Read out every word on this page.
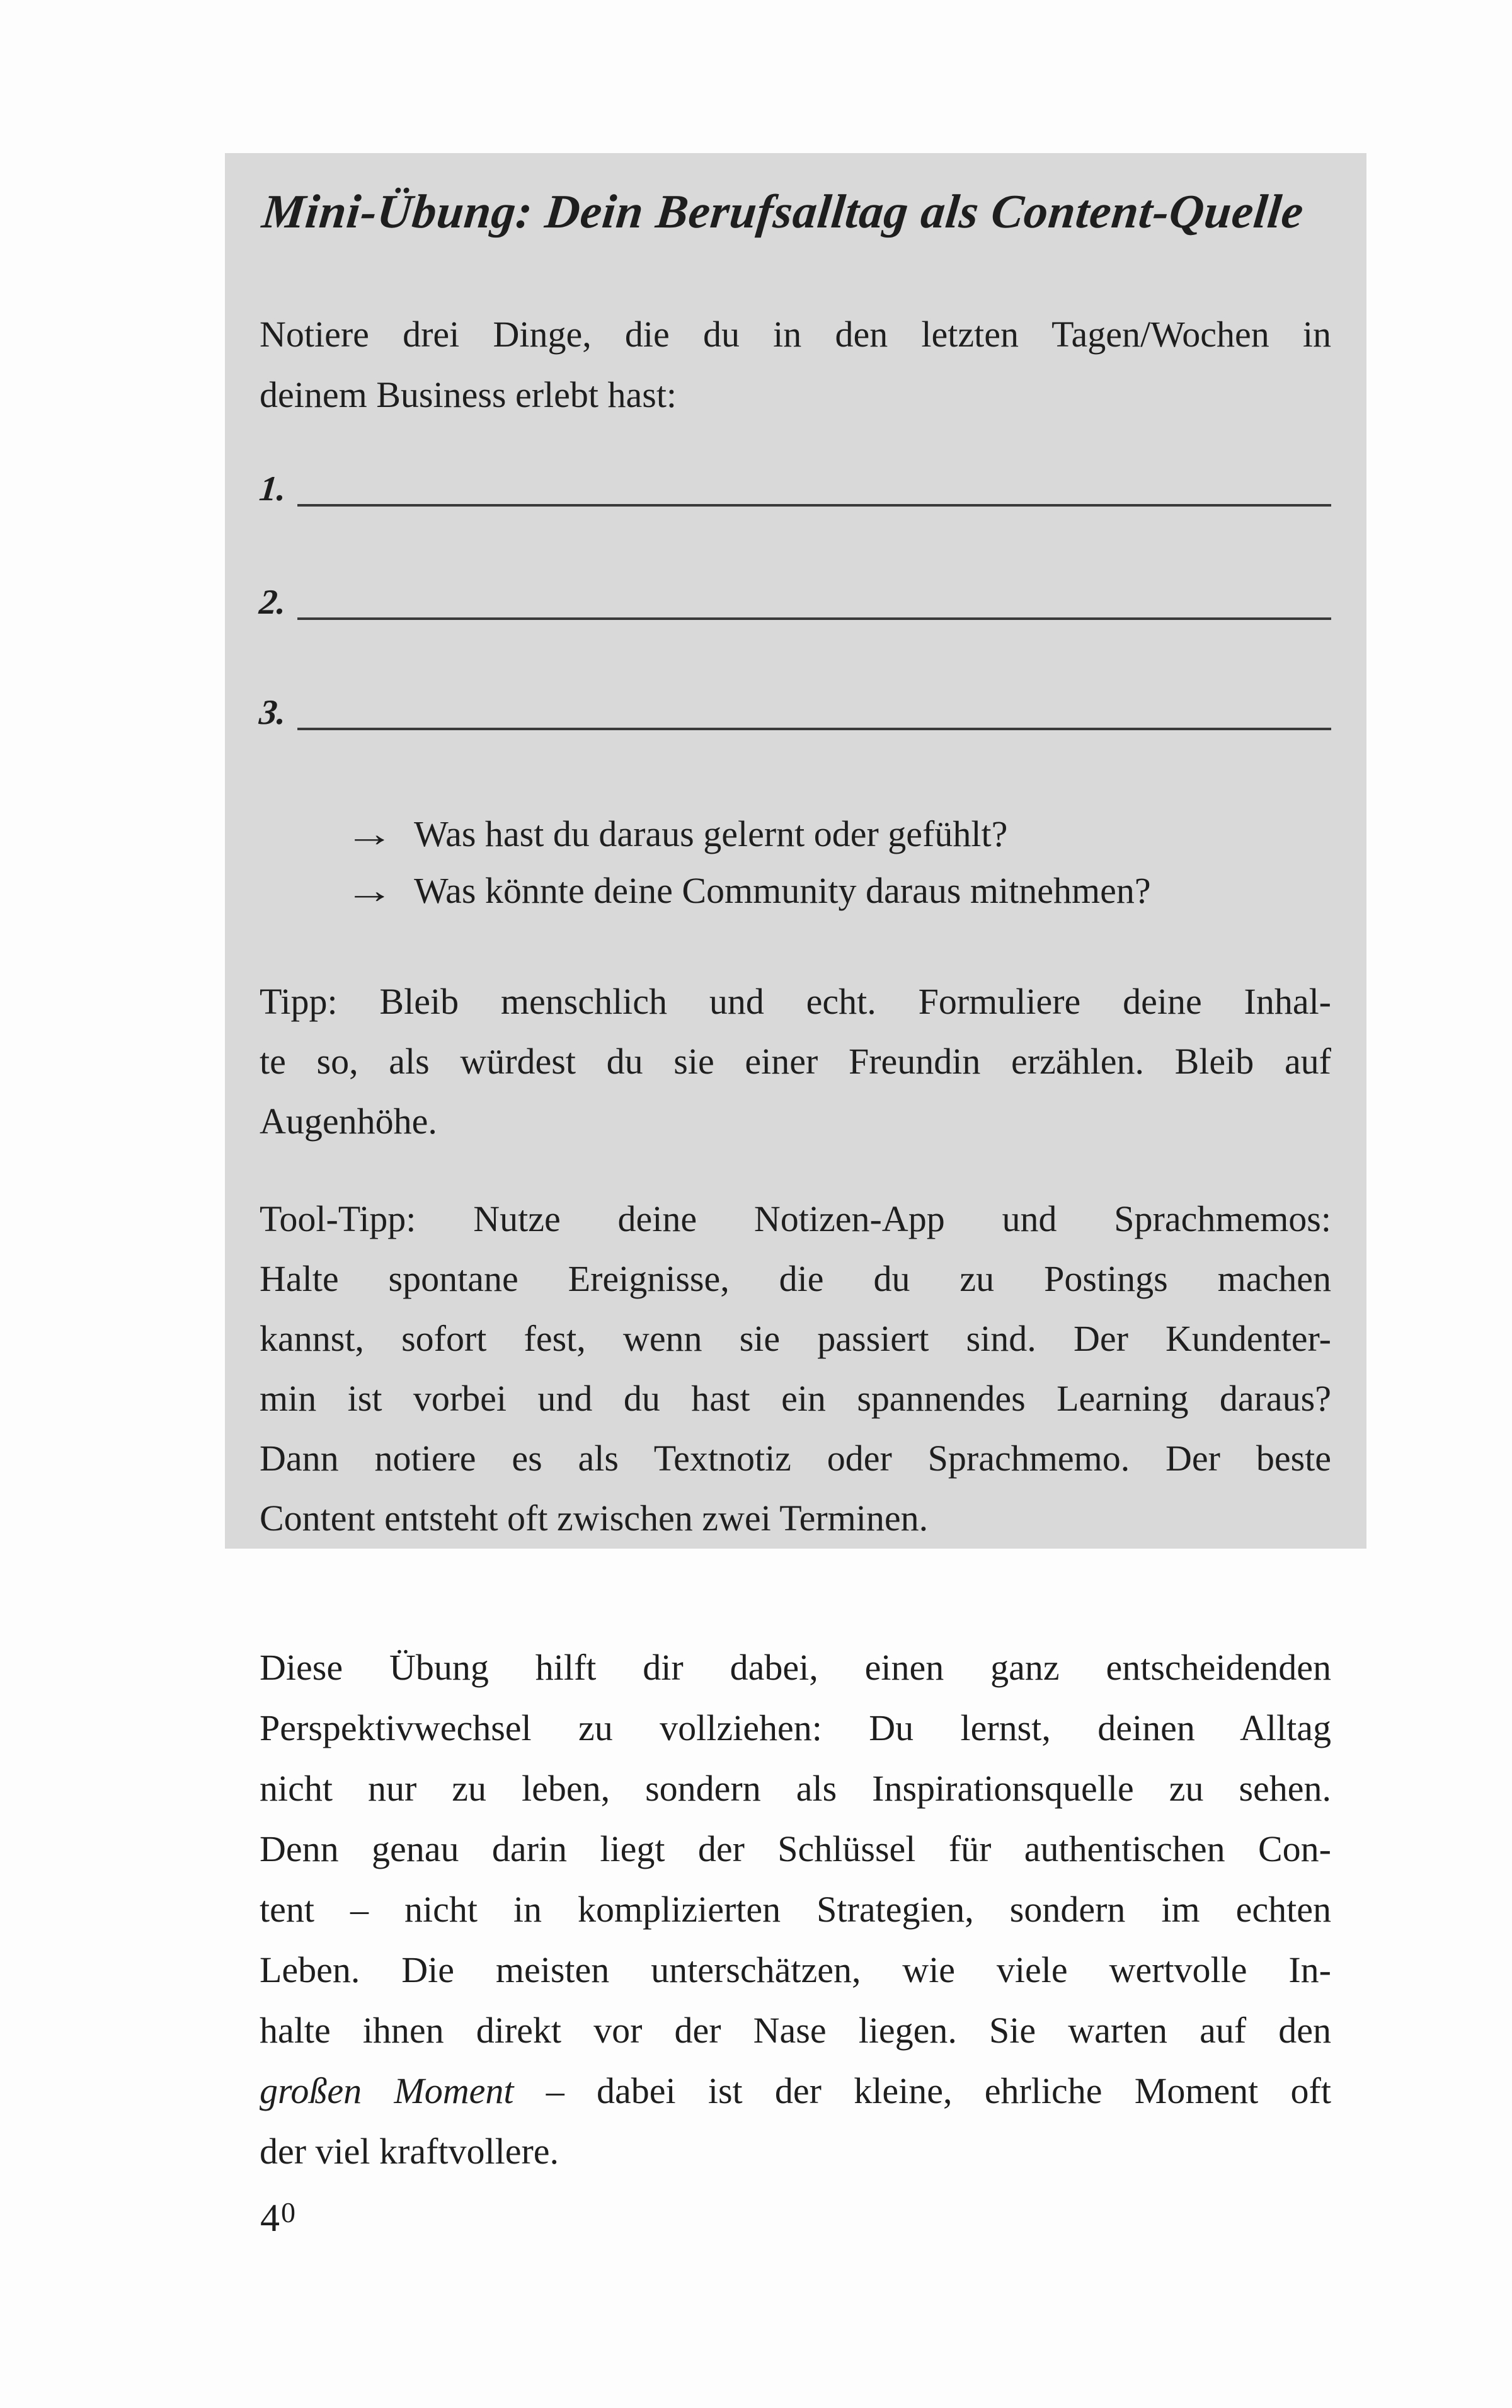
Mini-Übung: Dein Berufsalltag als Content-Quelle
Notiere drei Dinge, die du in den letzten Tagen/Wochen in
deinem Business erlebt hast:
1.
2.
3.
→ Was hast du daraus gelernt oder gefühlt?
→ Was könnte deine Community daraus mitnehmen?
Tipp: Bleib menschlich und echt. Formuliere deine Inhal-
te so, als würdest du sie einer Freundin erzählen. Bleib auf
Augenhöhe.
Tool-Tipp: Nutze deine Notizen-App und Sprachmemos:
Halte spontane Ereignisse, die du zu Postings machen
kannst, sofort fest, wenn sie passiert sind. Der Kundenter-
min ist vorbei und du hast ein spannendes Learning daraus?
Dann notiere es als Textnotiz oder Sprachmemo. Der beste
Content entsteht oft zwischen zwei Terminen.
Diese Übung hilft dir dabei, einen ganz entscheidenden
Perspektivwechsel zu vollziehen: Du lernst, deinen Alltag
nicht nur zu leben, sondern als Inspirationsquelle zu sehen.
Denn genau darin liegt der Schlüssel für authentischen Con-
tent – nicht in komplizierten Strategien, sondern im echten
Leben. Die meisten unterschätzen, wie viele wertvolle In-
halte ihnen direkt vor der Nase liegen. Sie warten auf den
großen Moment – dabei ist der kleine, ehrliche Moment oft
der viel kraftvollere.
40
